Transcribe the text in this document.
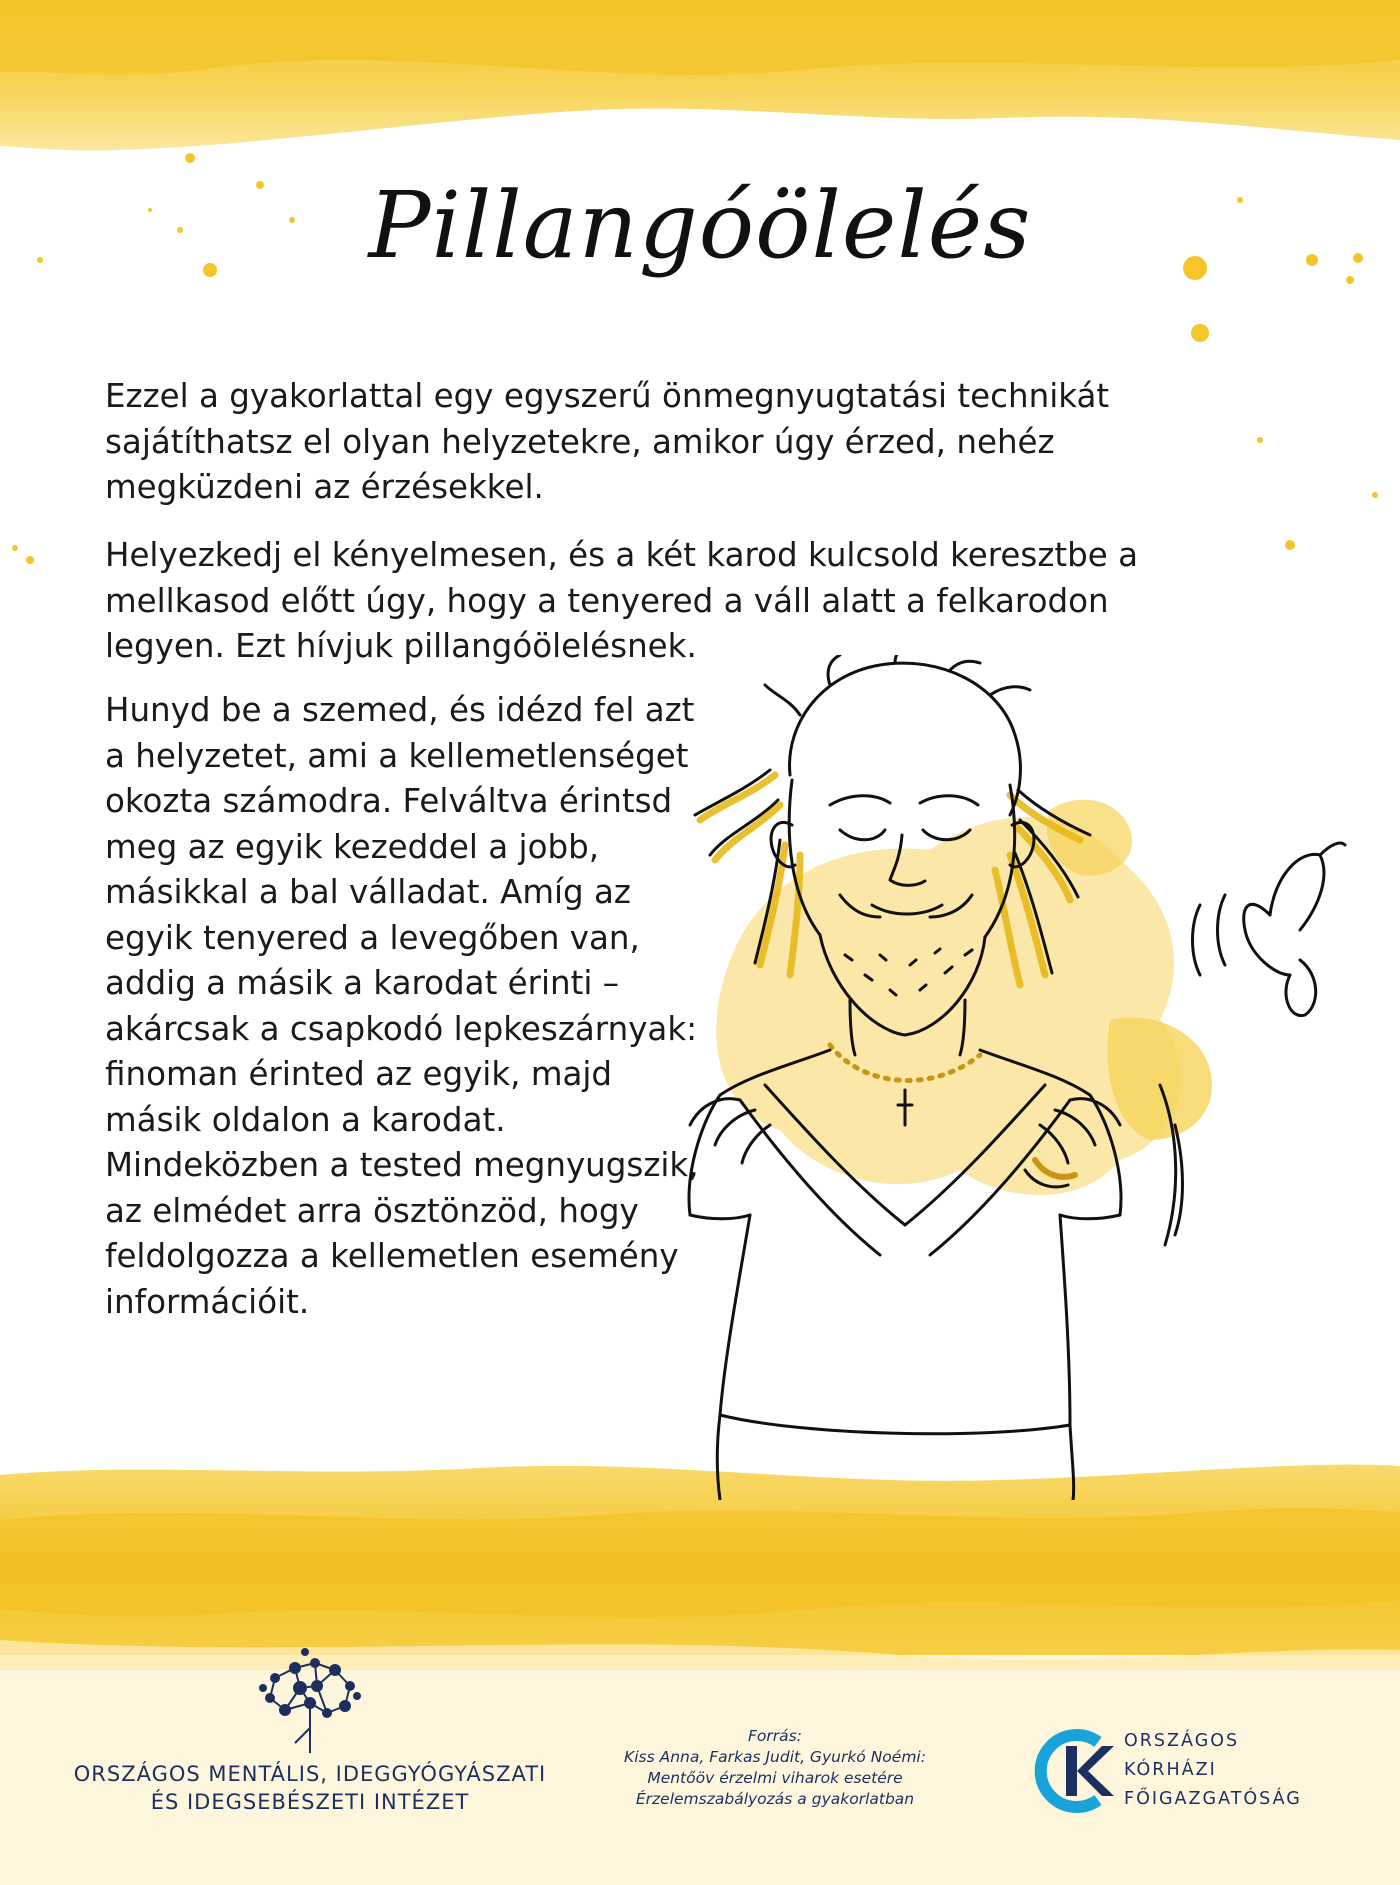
Pillangóölelés

Ezzel a gyakorlattal egy egyszerű önmegnyugtatási technikát sajátíthatsz el olyan helyzetekre, amikor úgy érzed, nehéz megküzdeni az érzésekkel.

Helyezkedj el kényelmesen, és a két karod kulcsold keresztbe a mellkasod előtt úgy, hogy a tenyered a váll alatt a felkarodon legyen. Ezt hívjuk pillangóölelésnek.

Hunyd be a szemed, és idézd fel azt a helyzetet, ami a kellemetlenséget okozta számodra. Felváltva érintsd meg az egyik kezeddel a jobb, másikkal a bal válladat. Amíg az egyik tenyered a levegőben van, addig a másik a karodat érinti – akárcsak a csapkodó lepkeszárnyak: finoman érinted az egyik, majd másik oldalon a karodat. Mindeközben a tested megnyugszik, az elmédet arra ösztönzöd, hogy feldolgozza a kellemetlen esemény információit.

ORSZÁGOS MENTÁLIS, IDEGGYÓGYÁSZATI
ÉS IDEGSEBÉSZETI INTÉZET
Forrás:
Kiss Anna, Farkas Judit, Gyurkó Noémi:
Mentőöv érzelmi viharok esetére
Érzelemszabályozás a gyakorlatban
ORSZÁGOS
KÓRHÁZI
FŐIGAZGATÓSÁG
